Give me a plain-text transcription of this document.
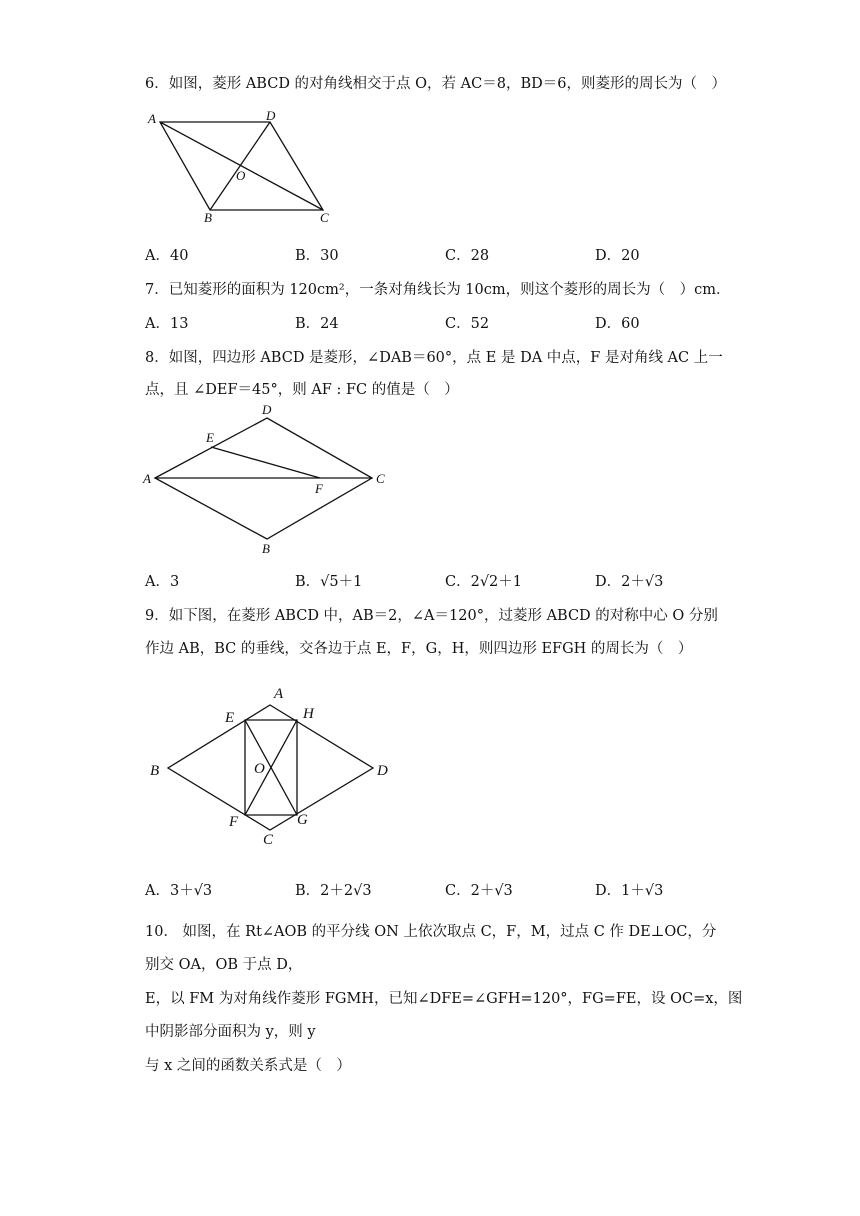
6．如图，菱形 ABCD 的对角线相交于点 O，若 AC＝8，BD＝6，则菱形的周长为（　）
A	D
O
B	C
A．40	B．30	C．28	D．20
7．已知菱形的面积为 120cm²，一条对角线长为 10cm，则这个菱形的周长为（　）cm．
A．13	B．24	C．52	D．60
8．如图，四边形 ABCD 是菱形，∠DAB＝60°，点 E 是 DA 中点，F 是对角线 AC 上一
点，且 ∠DEF＝45°，则 AF : FC 的值是（　）
A
D
E
F
C
B
A．3	B．√5＋1	C．2√2＋1	D．2＋√3
9．如下图，在菱形 ABCD 中，AB＝2，∠A＝120°，过菱形 ABCD 的对称中心 O 分别
作边 AB，BC 的垂线，交各边于点 E，F，G，H，则四边形 EFGH 的周长为（　）
A
E	H
B	O	D
F	G
C
A．3＋√3	B．2＋2√3	C．2＋√3	D．1＋√3
10． 如图，在 Rt∠AOB 的平分线 ON 上依次取点 C，F，M，过点 C 作 DE⊥OC，分
别交 OA，OB 于点 D，
E，以 FM 为对角线作菱形 FGMH，已知∠DFE=∠GFH=120°，FG=FE，设 OC=x，图
中阴影部分面积为 y，则 y
与 x 之间的函数关系式是（　）
